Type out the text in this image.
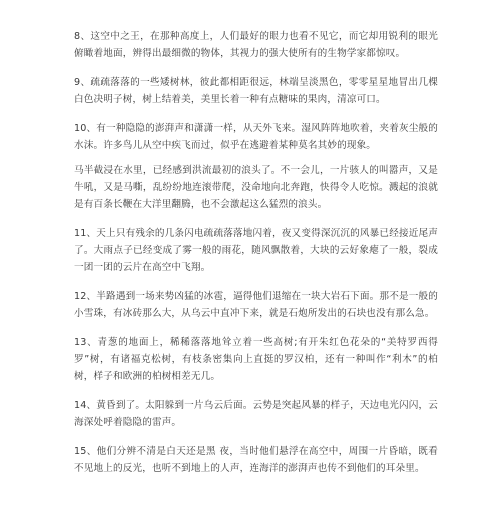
8、这空中之王，在那种高度上，人们最好的眼力也看不见它，而它却用锐利的眼光俯瞰着地面，辨得出最细微的物体，其视力的强大使所有的生物学家都惊叹。

9、疏疏落落的一些矮树林，彼此都相距很远，林端呈淡黑色，零零星星地冒出几棵白色决明子树，树上结着美，美里长着一种有点糖味的果肉，清凉可口。

10、有一种隐隐的澎湃声和潇潇一样，从天外飞来。湿风阵阵地吹着，夹着灰尘般的水沫。许多鸟儿从空中疾飞而过，似乎在逃避着某种莫名其妙的现象。

马半截浸在水里，已经感到洪流最初的浪头了。不一会儿，一片骇人的叫嚣声，又是牛吼，又是马嘶，乱纷纷地连滚带爬，没命地向北奔跑，快得令人吃惊。溅起的浪就是有百条长鞭在大洋里翻腾，也不会激起这么猛烈的浪头。

11、天上只有残余的几条闪电疏疏落落地闪着，夜又变得深沉沉的风暴已经接近尾声了。大雨点子已经变成了雾一般的雨花，随风飘散着，大块的云好象瘪了一般，裂成一团一团的云片在高空中飞翔。

12、半路遇到一场来势凶猛的冰雹，逼得他们退缩在一块大岩石下面。那不是一般的小雪珠，有冰砖那么大，从乌云中直冲下来，就是石炮所发出的石块也没有那么急。

13、青葱的地面上，稀稀落落地耸立着一些高树;有开朱红色花朵的“美特罗西得罗”树，有诸福克松树，有枝条密集向上直挺的罗汉柏，还有一种叫作“利木”的柏树，样子和欧洲的柏树相差无几。

14、黄昏到了。太阳躲到一片乌云后面。云势是突起风暴的样子，天边电光闪闪，云海深处呼着隐隐的雷声。

15、他们分辨不清是白天还是黑 夜，当时他们悬浮在高空中，周围一片昏暗，既看不见地上的反光，也听不到地上的人声，连海洋的澎湃声也传不到他们的耳朵里。
